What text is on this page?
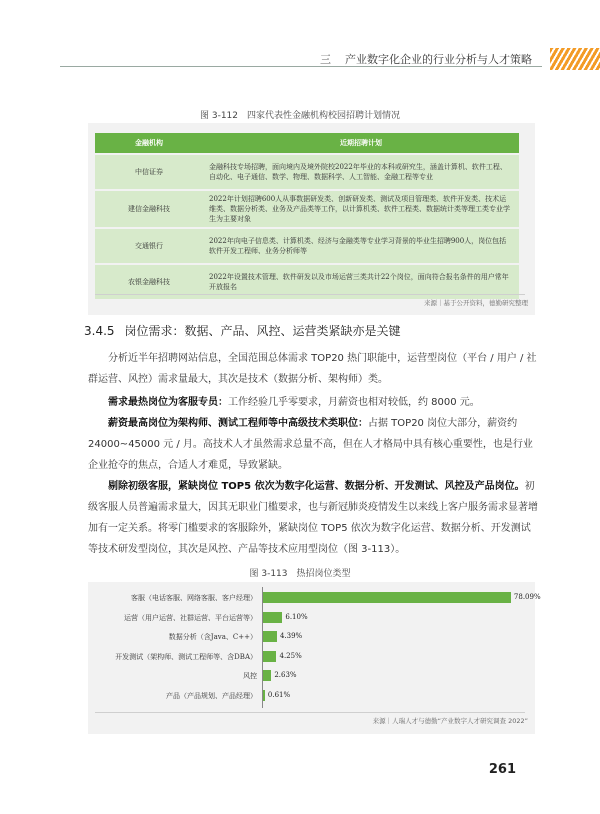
三 产业数字化企业的行业分析与人才策略
图 3-112　四家代表性金融机构校园招聘计划情况
金融机构	近期招聘计划
中信证券	金融科技专场招聘，面向境内及境外院校2022年毕业的本科或研究生，涵盖计算机、软件工程、自动化、电子通信、数学、物理、数据科学、人工智能、金融工程等专业
建信金融科技	2022年计划招聘600人从事数据研发类、创新研发类、测试及项目管理类、软件开发类、技术运维类、数据分析类、业务及产品类等工作，以计算机类、软件工程类、数据统计类等理工类专业学生为主要对象
交通银行	2022年向电子信息类、计算机类、经济与金融类等专业学习背景的毕业生招聘900人，岗位包括软件开发工程师、业务分析师等
农银金融科技	2022年设置技术管理、软件研发以及市场运营三类共计22个岗位，面向符合报名条件的用户常年开放报名
来源｜基于公开资料，德勤研究整理
3.4.5 岗位需求：数据、产品、风控、运营类紧缺亦是关键
分析近半年招聘网站信息，全国范围总体需求 TOP20 热门职能中，运营型岗位（平台 / 用户 / 社群运营、风控）需求量最大，其次是技术（数据分析、架构师）类。
需求最热岗位为客服专员：工作经验几乎零要求，月薪资也相对较低，约 8000 元。
薪资最高岗位为架构师、测试工程师等中高级技术类职位：占据 TOP20 岗位大部分，薪资约 24000~45000 元 / 月。高技术人才虽然需求总量不高，但在人才格局中具有核心重要性，也是行业企业抢夺的焦点，合适人才难觅，导致紧缺。
剔除初级客服，紧缺岗位 TOP5 依次为数字化运营、数据分析、开发测试、风控及产品岗位。初级客服人员普遍需求量大，因其无职业门槛要求，也与新冠肺炎疫情发生以来线上客户服务需求显著增加有一定关系。将零门槛要求的客服除外，紧缺岗位 TOP5 依次为数字化运营、数据分析、开发测试等技术研发型岗位，其次是风控、产品等技术应用型岗位（图 3-113）。
图 3-113　热招岗位类型
客服（电话客服、网络客服、客户经理）	78.09%
运营（用户运营、社群运营、平台运营等）	6.10%
数据分析（含Java、C++）	4.39%
开发测试（架构师、测试工程师等、含DBA）	4.25%
风控 2.63%
产品（产品规划、产品经理） 0.61%
来源｜人瑞人才与德勤“产业数字人才研究调查 2022”
261
